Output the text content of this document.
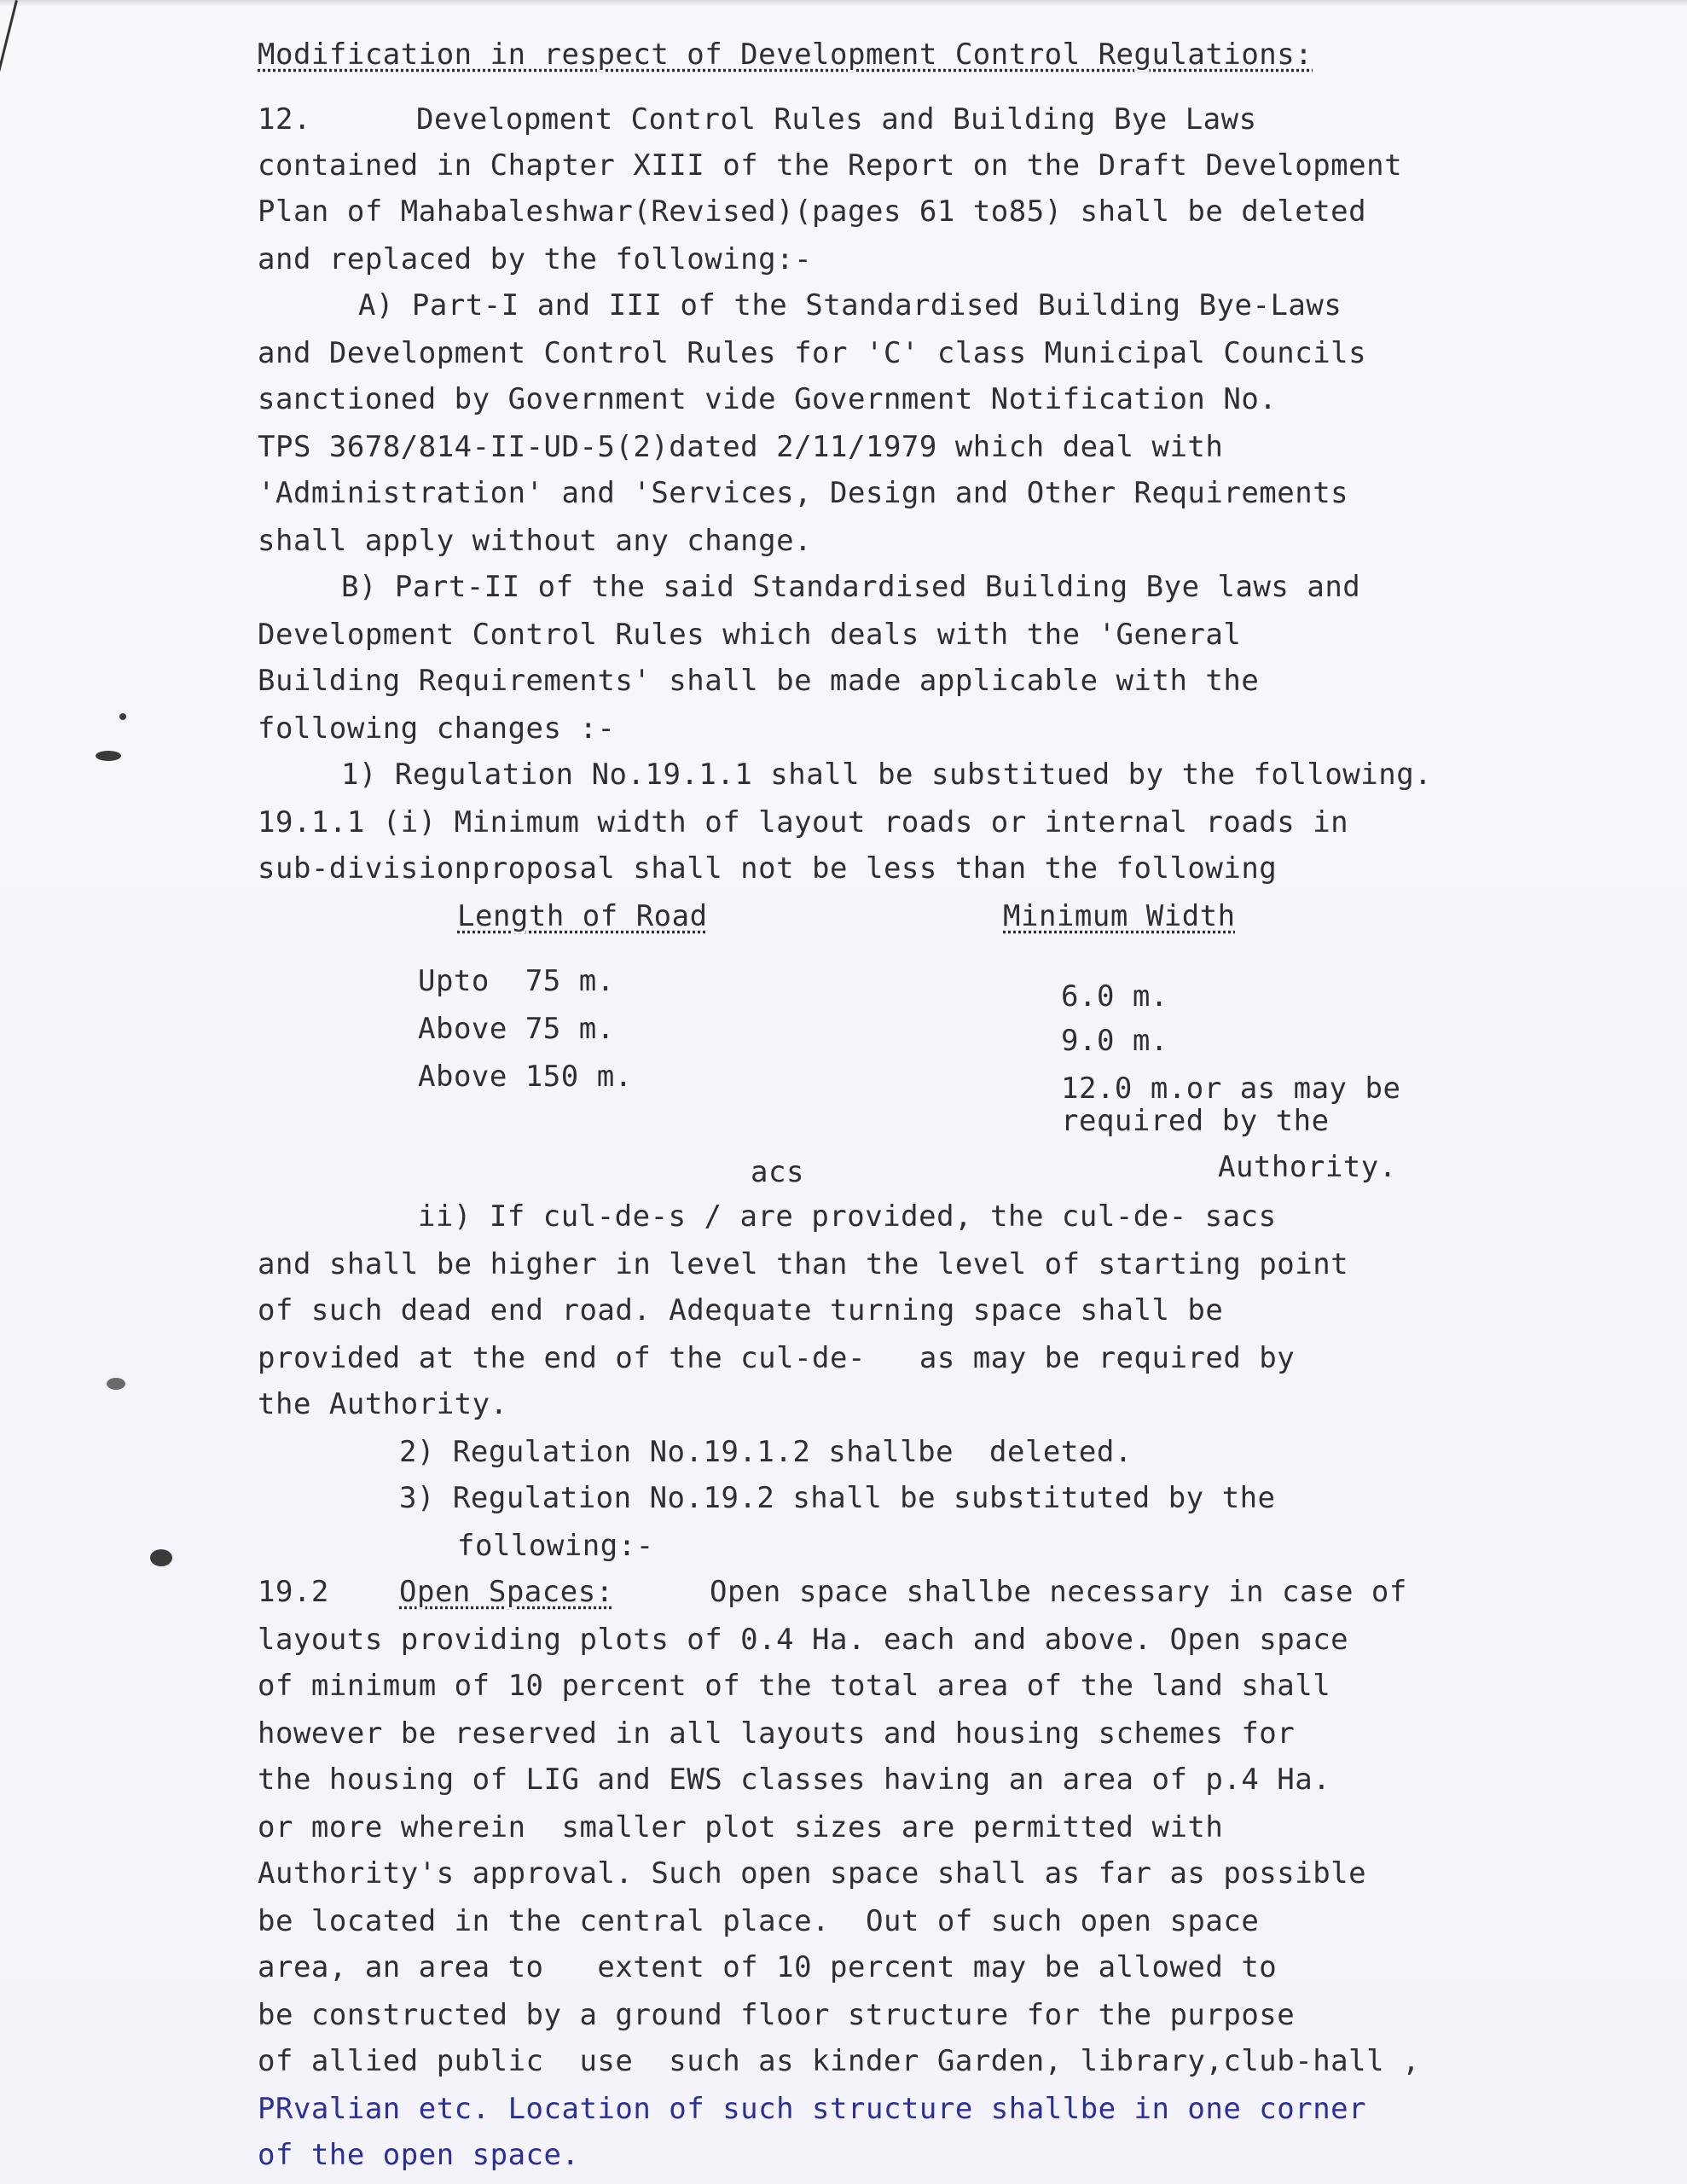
Modification in respect of Development Control Regulations:
12.	Development Control Rules and Building Bye Laws
contained in Chapter XIII of the Report on the Draft Development
Plan of Mahabaleshwar(Revised)(pages 61 to85) shall be deleted
and replaced by the following:-
A) Part-I and III of the Standardised Building Bye-Laws
and Development Control Rules for 'C' class Municipal Councils
sanctioned by Government vide Government Notification No.
TPS 3678/814-II-UD-5(2)dated 2/11/1979 which deal with
'Administration' and 'Services, Design and Other Requirements
shall apply without any change.
B) Part-II of the said Standardised Building Bye laws and
Development Control Rules which deals with the 'General
Building Requirements' shall be made applicable with the
following changes :-
1) Regulation No.19.1.1 shall be substitued by the following.
19.1.1 (i) Minimum width of layout roads or internal roads in
sub-divisionproposal shall not be less than the following
Length of Road	Minimum Width
Upto  75 m.	6.0 m.
Above 75 m.	9.0 m.
Above 150 m.	12.0 m.or as may be
required by the
Authority.
acs
ii) If cul-de-s / are provided, the cul-de- sacs
and shall be higher in level than the level of starting point
of such dead end road. Adequate turning space shall be
provided at the end of the cul-de-   as may be required by
the Authority.
2) Regulation No.19.1.2 shallbe  deleted.
3) Regulation No.19.2 shall be substituted by the
following:-
19.2 Open Spaces:	Open space shallbe necessary in case of
layouts providing plots of 0.4 Ha. each and above. Open space
of minimum of 10 percent of the total area of the land shall
however be reserved in all layouts and housing schemes for
the housing of LIG and EWS classes having an area of p.4 Ha.
or more wherein  smaller plot sizes are permitted with
Authority's approval. Such open space shall as far as possible
be located in the central place.  Out of such open space
area, an area to   extent of 10 percent may be allowed to
be constructed by a ground floor structure for the purpose
of allied public  use  such as kinder Garden, library,club-hall ,
PRvalian etc. Location of such structure shallbe in one corner
of the open space.
